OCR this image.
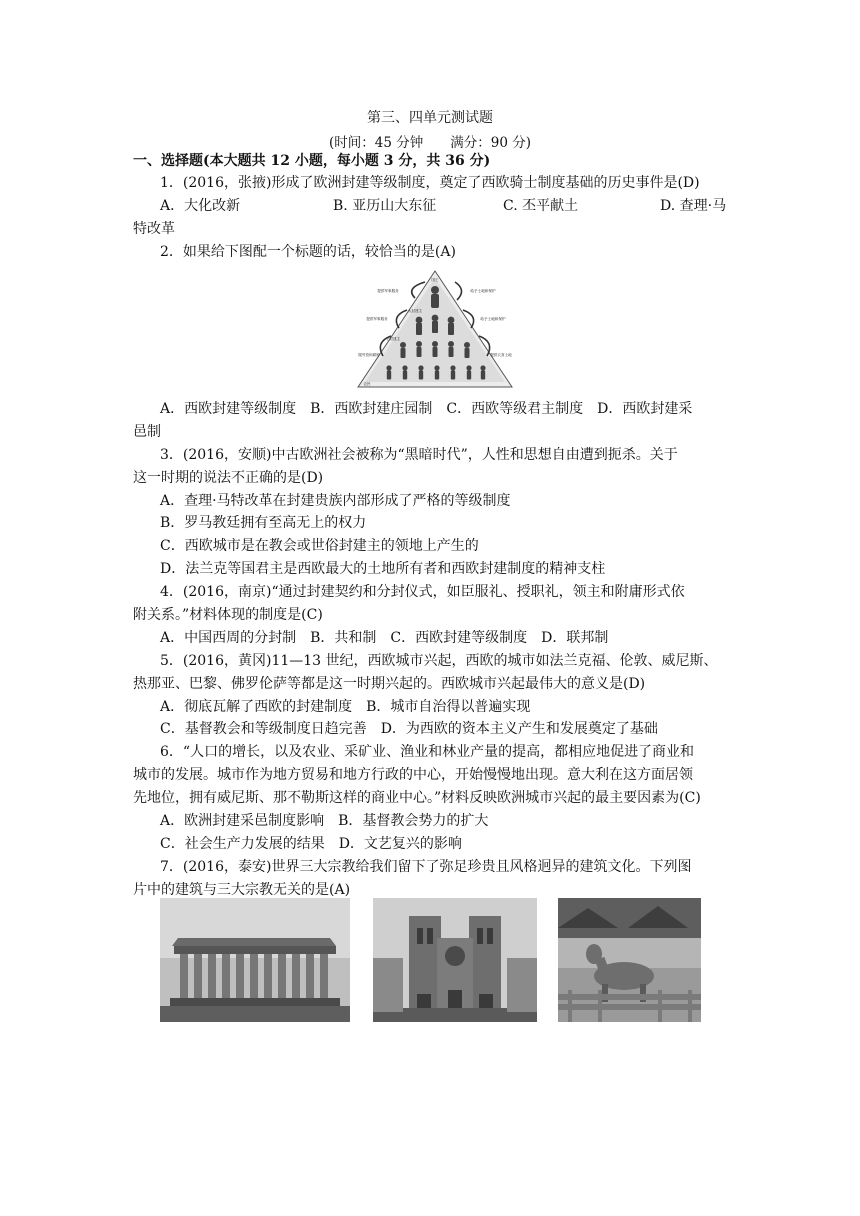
第三、四单元测试题
(时间：45 分钟　　满分：90 分)
一、选择题(本大题共 12 小题，每小题 3 分，共 36 分)
1．(2016，张掖)形成了欧洲封建等级制度，奠定了西欧骑士制度基础的历史事件是(D)
A．大化改新	B. 亚历山大东征	C. 丕平献土	D. 查理·马
特改革
2．如果给下图配一个标题的话，较恰当的是(A)
国王
提供军事服务	给予土地和保护
大封建主
提供军事服务	给予土地和保护
小封建主
服劳役和耕种	提供衣食土地
农民
A．西欧封建等级制度　B．西欧封建庄园制　C．西欧等级君主制度　D．西欧封建采
邑制
3．(2016，安顺)中古欧洲社会被称为“黑暗时代”，人性和思想自由遭到扼杀。关于
这一时期的说法不正确的是(D)
A．查理·马特改革在封建贵族内部形成了严格的等级制度
B．罗马教廷拥有至高无上的权力
C．西欧城市是在教会或世俗封建主的领地上产生的
D．法兰克等国君主是西欧最大的土地所有者和西欧封建制度的精神支柱
4．(2016，南京)“通过封建契约和分封仪式，如臣服礼、授职礼，领主和附庸形式依
附关系。”材料体现的制度是(C)
A．中国西周的分封制　B．共和制　C．西欧封建等级制度　D．联邦制
5．(2016，黄冈)11—13 世纪，西欧城市兴起，西欧的城市如法兰克福、伦敦、威尼斯、
热那亚、巴黎、佛罗伦萨等都是这一时期兴起的。西欧城市兴起最伟大的意义是(D)
A．彻底瓦解了西欧的封建制度　B．城市自治得以普遍实现
C．基督教会和等级制度日趋完善　D．为西欧的资本主义产生和发展奠定了基础
6．“人口的增长，以及农业、采矿业、渔业和林业产量的提高，都相应地促进了商业和
城市的发展。城市作为地方贸易和地方行政的中心，开始慢慢地出现。意大利在这方面居领
先地位，拥有威尼斯、那不勒斯这样的商业中心。”材料反映欧洲城市兴起的最主要因素为(C)
A．欧洲封建采邑制度影响　B．基督教会势力的扩大
C．社会生产力发展的结果　D．文艺复兴的影响
7．(2016，泰安)世界三大宗教给我们留下了弥足珍贵且风格迥异的建筑文化。下列图
片中的建筑与三大宗教无关的是(A)
